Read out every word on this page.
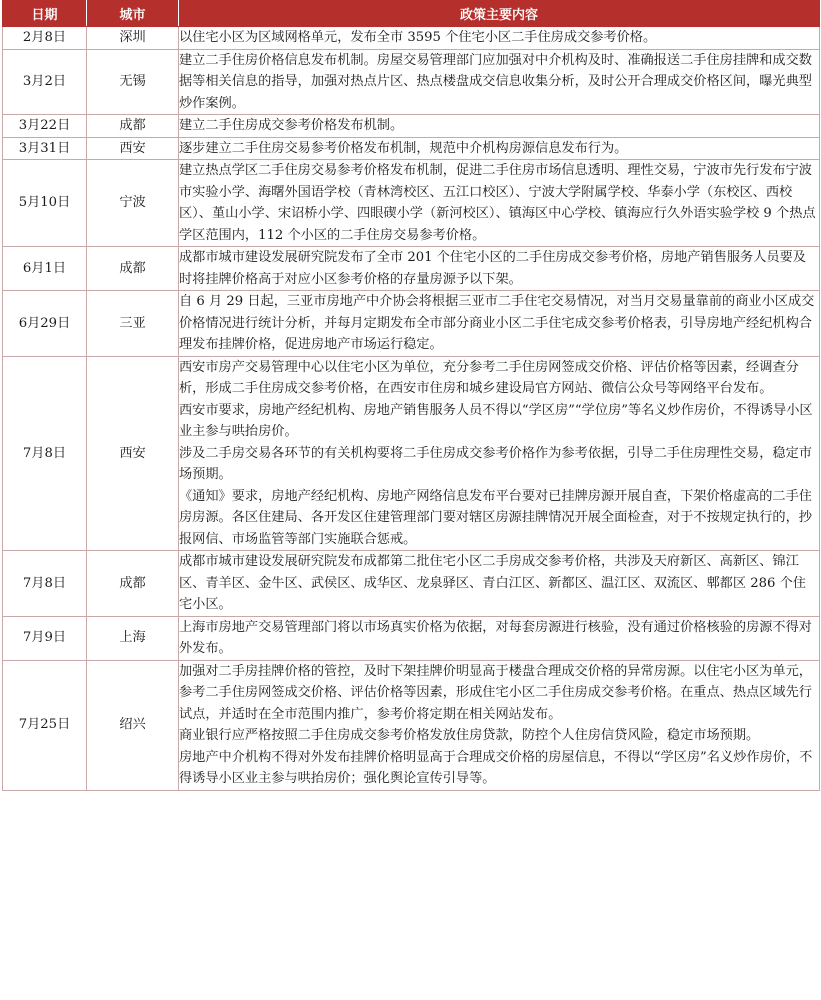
日期	城市	政策主要内容
2月8日	深圳	以住宅小区为区域网格单元，发布全市 3595 个住宅小区二手住房成交参考价格。

3月2日	无锡	建立二手住房价格信息发布机制。房屋交易管理部门应加强对中介机构及时、准确报送二手住房挂牌和成交数据等相关信息的指导，加强对热点片区、热点楼盘成交信息收集分析，及时公开合理成交价格区间，曝光典型炒作案例。

3月22日	成都	建立二手住房成交参考价格发布机制。

3月31日	西安	逐步建立二手住房交易参考价格发布机制，规范中介机构房源信息发布行为。

5月10日	宁波	建立热点学区二手住房交易参考价格发布机制，促进二手住房市场信息透明、理性交易，宁波市先行发布宁波市实验小学、海曙外国语学校（青林湾校区、五江口校区）、宁波大学附属学校、华泰小学（东校区、西校区）、堇山小学、宋诏桥小学、四眼碶小学（新河校区）、镇海区中心学校、镇海应行久外语实验学校 9 个热点学区范围内，112 个小区的二手住房交易参考价格。

6月1日	成都	成都市城市建设发展研究院发布了全市 201 个住宅小区的二手住房成交参考价格，房地产销售服务人员要及时将挂牌价格高于对应小区参考价格的存量房源予以下架。

6月29日	三亚	自 6 月 29 日起，三亚市房地产中介协会将根据三亚市二手住宅交易情况，对当月交易量靠前的商业小区成交价格情况进行统计分析，并每月定期发布全市部分商业小区二手住宅成交参考价格表，引导房地产经纪机构合理发布挂牌价格，促进房地产市场运行稳定。

7月8日	西安	西安市房产交易管理中心以住宅小区为单位，充分参考二手住房网签成交价格、评估价格等因素，经调查分析，形成二手住房成交参考价格，在西安市住房和城乡建设局官方网站、微信公众号等网络平台发布。

西安市要求，房地产经纪机构、房地产销售服务人员不得以“学区房”“学位房”等名义炒作房价，不得诱导小区业主参与哄抬房价。

涉及二手房交易各环节的有关机构要将二手住房成交参考价格作为参考依据，引导二手住房理性交易，稳定市场预期。

《通知》要求，房地产经纪机构、房地产网络信息发布平台要对已挂牌房源开展自查，下架价格虚高的二手住房房源。各区住建局、各开发区住建管理部门要对辖区房源挂牌情况开展全面检查，对于不按规定执行的，抄报网信、市场监管等部门实施联合惩戒。

7月8日	成都	成都市城市建设发展研究院发布成都第二批住宅小区二手房成交参考价格，共涉及天府新区、高新区、锦江区、青羊区、金牛区、武侯区、成华区、龙泉驿区、青白江区、新都区、温江区、双流区、郫都区 286 个住宅小区。

7月9日	上海	上海市房地产交易管理部门将以市场真实价格为依据，对每套房源进行核验，没有通过价格核验的房源不得对外发布。

7月25日	绍兴	加强对二手房挂牌价格的管控，及时下架挂牌价明显高于楼盘合理成交价格的异常房源。以住宅小区为单元，参考二手住房网签成交价格、评估价格等因素，形成住宅小区二手住房成交参考价格。在重点、热点区域先行试点，并适时在全市范围内推广，参考价将定期在相关网站发布。

商业银行应严格按照二手住房成交参考价格发放住房贷款，防控个人住房信贷风险，稳定市场预期。

房地产中介机构不得对外发布挂牌价格明显高于合理成交价格的房屋信息，不得以“学区房”名义炒作房价，不得诱导小区业主参与哄抬房价；强化舆论宣传引导等。
